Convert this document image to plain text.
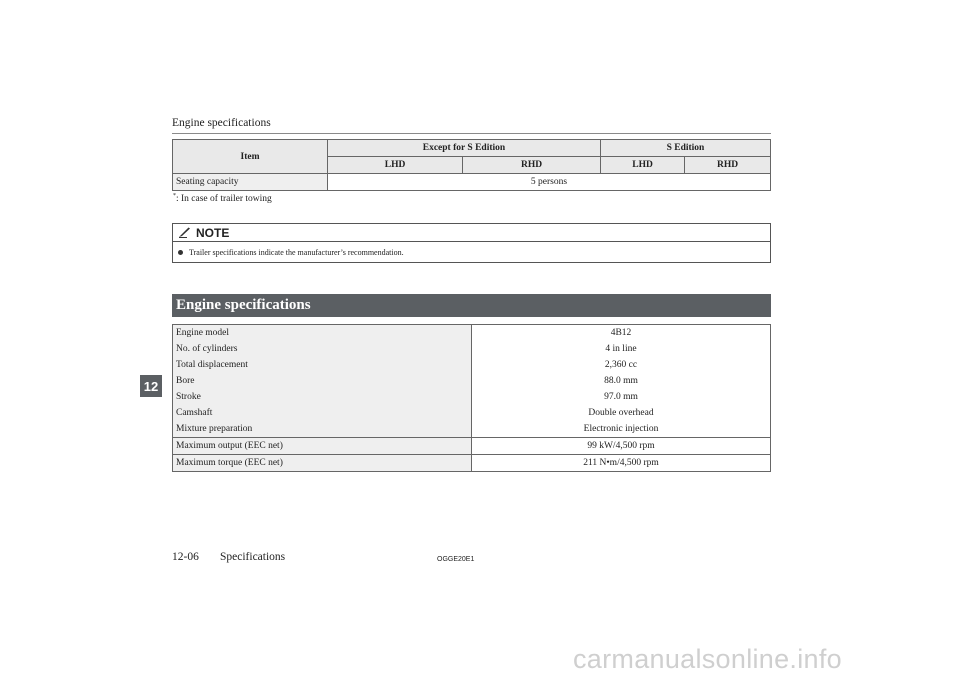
Engine specifications
Item	Except for S Edition		S Edition	
	LHD	RHD	LHD	RHD
Seating capacity	5 persons			
*: In case of trailer towing
NOTE
Trailer specifications indicate the manufacturer’s recommendation.
Engine specifications
Engine model	4B12
No. of cylinders	4 in line
Total displacement	2,360 cc
Bore	88.0 mm
Stroke	97.0 mm
Camshaft	Double overhead
Mixture preparation	Electronic injection
Maximum output (EEC net)	99 kW/4,500 rpm
Maximum torque (EEC net)	211 N•m/4,500 rpm
12
12-06 Specifications	OGGE20E1
carmanualsonline.info
